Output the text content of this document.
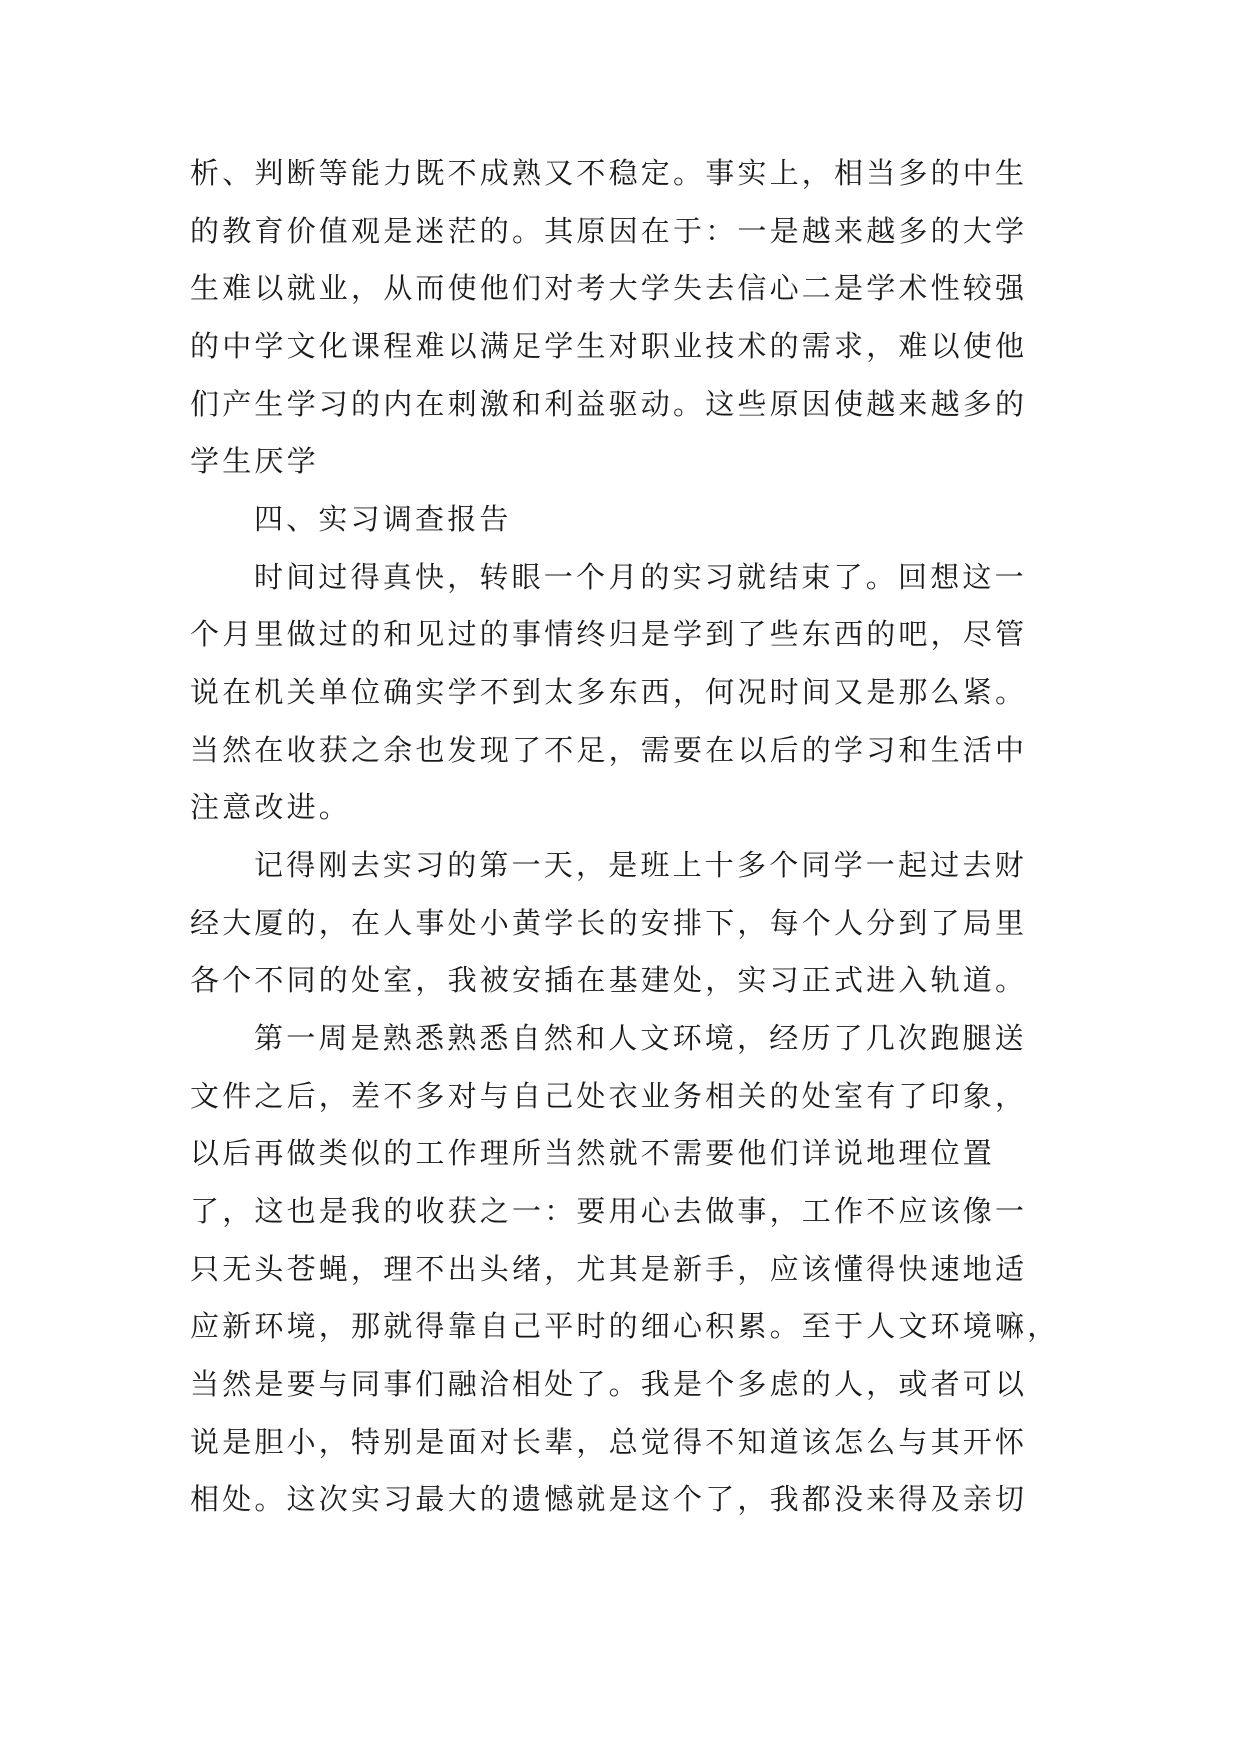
析、判断等能力既不成熟又不稳定。事实上，相当多的中生
的教育价值观是迷茫的。其原因在于：一是越来越多的大学
生难以就业，从而使他们对考大学失去信心二是学术性较强
的中学文化课程难以满足学生对职业技术的需求，难以使他
们产生学习的内在刺激和利益驱动。这些原因使越来越多的
学生厌学
四、实习调查报告
时间过得真快，转眼一个月的实习就结束了。回想这一
个月里做过的和见过的事情终归是学到了些东西的吧，尽管
说在机关单位确实学不到太多东西，何况时间又是那么紧。
当然在收获之余也发现了不足，需要在以后的学习和生活中
注意改进。
记得刚去实习的第一天，是班上十多个同学一起过去财
经大厦的，在人事处小黄学长的安排下，每个人分到了局里
各个不同的处室，我被安插在基建处，实习正式进入轨道。
第一周是熟悉熟悉自然和人文环境，经历了几次跑腿送
文件之后，差不多对与自己处衣业务相关的处室有了印象，
以后再做类似的工作理所当然就不需要他们详说地理位置
了，这也是我的收获之一：要用心去做事，工作不应该像一
只无头苍蝇，理不出头绪，尤其是新手，应该懂得快速地适
应新环境，那就得靠自己平时的细心积累。至于人文环境嘛，
当然是要与同事们融洽相处了。我是个多虑的人，或者可以
说是胆小，特别是面对长辈，总觉得不知道该怎么与其开怀
相处。这次实习最大的遗憾就是这个了，我都没来得及亲切
